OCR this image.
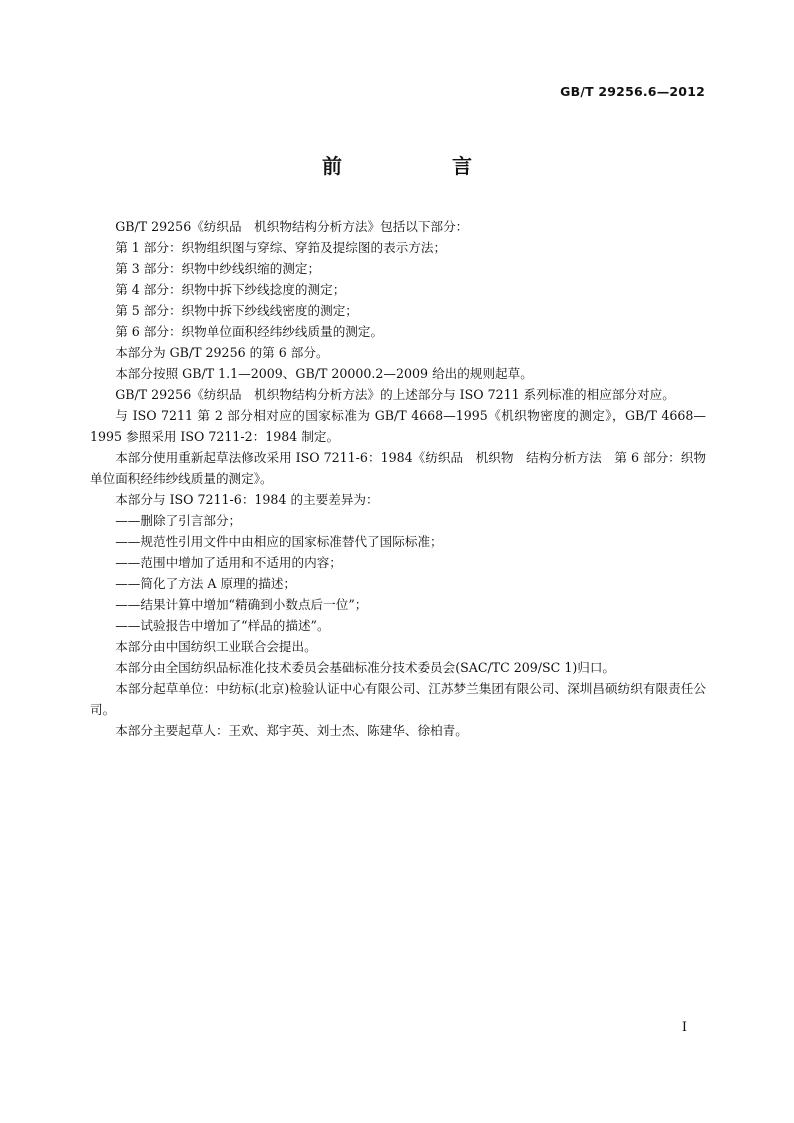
GB/T 29256.6—2012
前　言

GB/T 29256《纺织品　机织物结构分析方法》包括以下部分：

第 1 部分：织物组织图与穿综、穿筘及提综图的表示方法；

第 3 部分：织物中纱线织缩的测定；

第 4 部分：织物中拆下纱线捻度的测定；

第 5 部分：织物中拆下纱线线密度的测定；

第 6 部分：织物单位面积经纬纱线质量的测定。

本部分为 GB/T 29256 的第 6 部分。

本部分按照 GB/T 1.1—2009、GB/T 20000.2—2009 给出的规则起草。

GB/T 29256《纺织品　机织物结构分析方法》的上述部分与 ISO 7211 系列标准的相应部分对应。

与 ISO 7211 第 2 部分相对应的国家标准为 GB/T 4668—1995《机织物密度的测定》，GB/T 4668—1995 参照采用 ISO 7211-2：1984 制定。

本部分使用重新起草法修改采用 ISO 7211-6：1984《纺织品　机织物　结构分析方法　第 6 部分：织物单位面积经纬纱线质量的测定》。

本部分与 ISO 7211-6：1984 的主要差异为：

——删除了引言部分；

——规范性引用文件中由相应的国家标准替代了国际标准；

——范围中增加了适用和不适用的内容；

——简化了方法 A 原理的描述；

——结果计算中增加“精确到小数点后一位”；

——试验报告中增加了“样品的描述”。

本部分由中国纺织工业联合会提出。

本部分由全国纺织品标准化技术委员会基础标准分技术委员会(SAC/TC 209/SC 1)归口。

本部分起草单位：中纺标(北京)检验认证中心有限公司、江苏梦兰集团有限公司、深圳昌硕纺织有限责任公司。

本部分主要起草人：王欢、郑宇英、刘士杰、陈建华、徐柏青。

I
